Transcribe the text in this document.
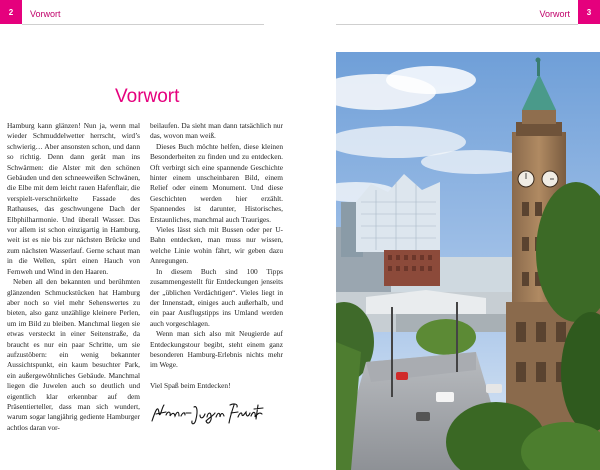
2	Vorwort
Vorwort

Hamburg kann glänzen! Nun ja, wenn mal wieder Schmuddelwetter herrscht, wird’s schwierig… Aber ansonsten schon, und dann so richtig. Denn dann gerät man ins Schwärmen: die Alster mit den schönen Gebäuden und den schneeweißen Schwänen, die Elbe mit dem leicht rauen Hafenflair, die verspielt-verschnörkelte Fassade des Rathauses, das geschwungene Dach der Elbphilharmonie. Und überall Wasser. Das vor allem ist schon einzigartig in Hamburg, weit ist es nie bis zur nächsten Brücke und zum nächsten Wasserlauf. Gerne schaut man in die Wellen, spürt einen Hauch von Fernweh und Wind in den Haaren.

Neben all den bekannten und berühmten glänzenden Schmuckstücken hat Hamburg aber noch so viel mehr Sehenswertes zu bieten, also ganz unzählige kleinere Perlen, um im Bild zu bleiben. Manchmal liegen sie etwas versteckt in einer Seitenstraße, da braucht es nur ein paar Schritte, um sie aufzustöbern: ein wenig bekannter Aussichtspunkt, ein kaum besuchter Park, ein außergewöhnliches Gebäude. Manchmal liegen die Juwelen auch so deutlich und eigentlich klar erkennbar auf dem Präsentierteller, dass man sich wundert, warum sogar langjährig gediente Hamburger achtlos daran vor-

beilaufen. Da sieht man dann tatsächlich nur das, wovon man weiß.

Dieses Buch möchte helfen, diese kleinen Besonderheiten zu finden und zu entdecken. Oft verbirgt sich eine spannende Geschichte hinter einem unscheinbaren Bild, einem Relief oder einem Monument. Und diese Geschichten werden hier erzählt. Spannendes ist darunter, Historisches, Erstaunliches, manchmal auch Trauriges.

Vieles lässt sich mit Bussen oder per U-Bahn entdecken, man muss nur wissen, welche Linie wohin fährt, wir geben dazu Anregungen.

In diesem Buch sind 100 Tipps zusammengestellt für Entdeckungen jenseits der „üblichen Verdächtigen“. Vieles liegt in der Innenstadt, einiges auch außerhalb, und ein paar Ausflugstipps ins Umland werden auch vorgeschlagen.

Wenn man sich also mit Neugierde auf Entdeckungstour begibt, steht einem ganz besonderen Hamburg-Erlebnis nichts mehr im Wege.

Viel Spaß beim Entdecken!

3
Vorwort
